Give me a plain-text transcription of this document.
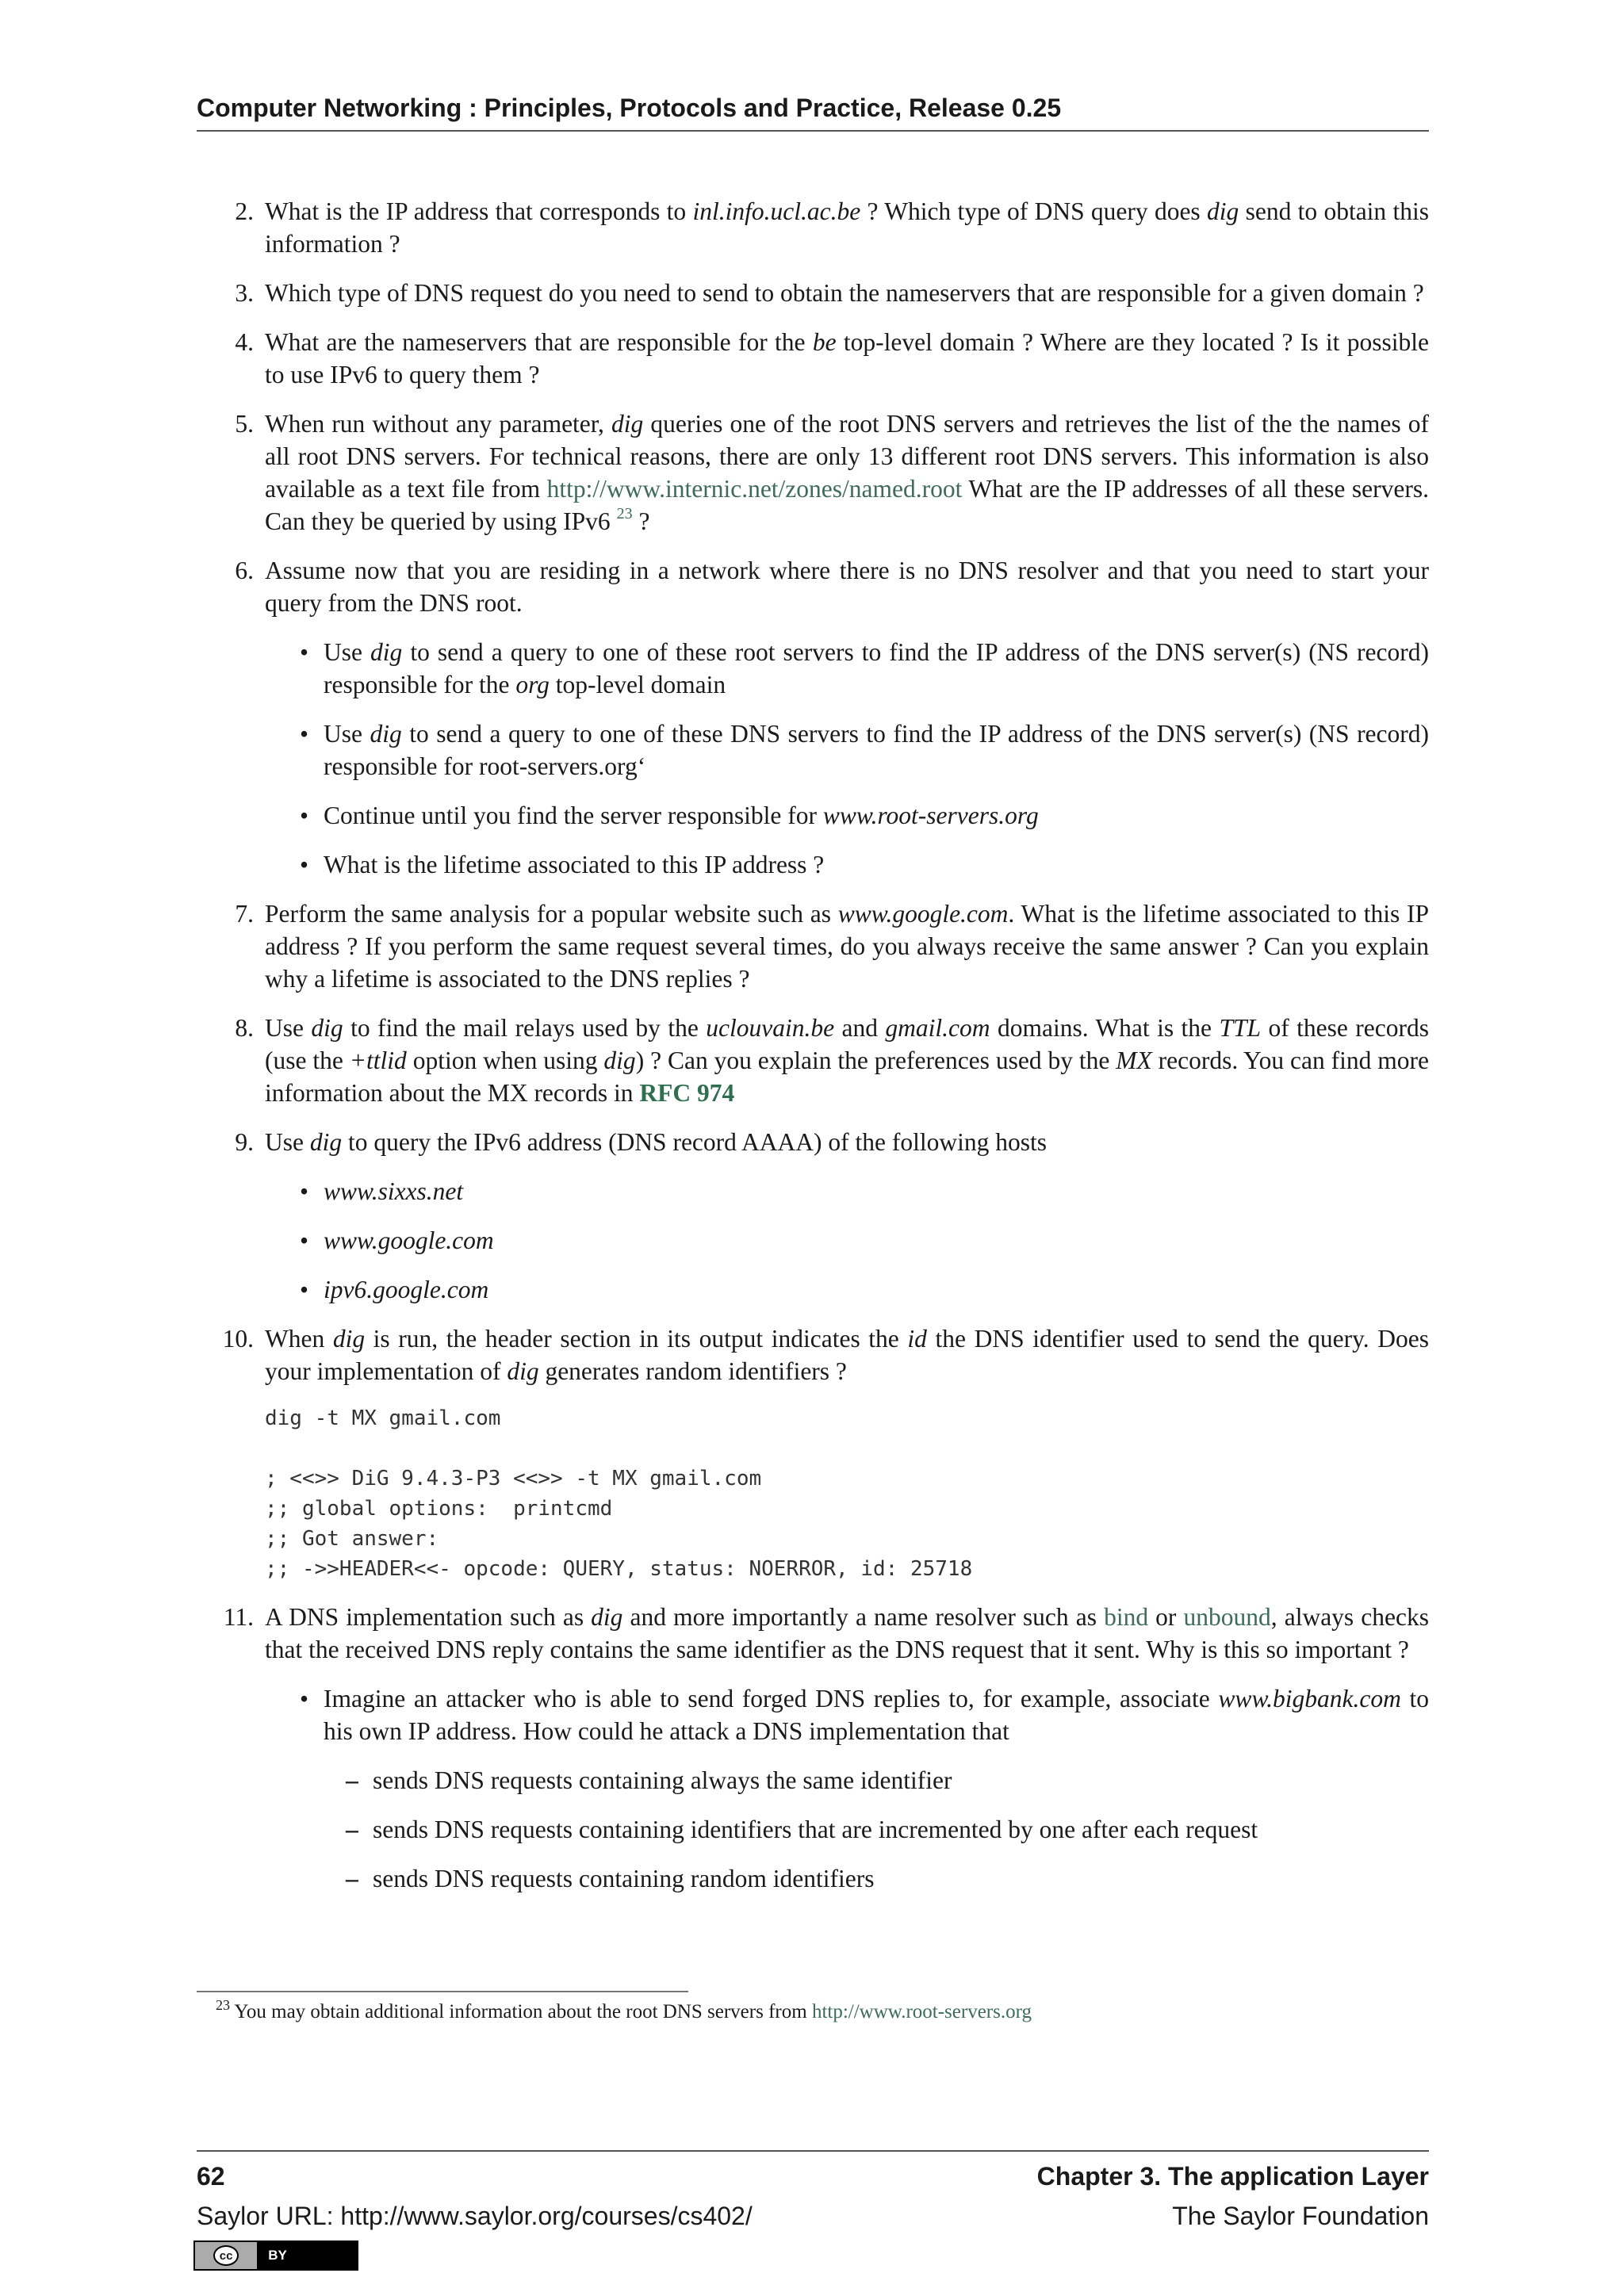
Computer Networking : Principles, Protocols and Practice, Release 0.25
2. What is the IP address that corresponds to inl.info.ucl.ac.be ? Which type of DNS query does dig send to obtain this information ?

3. Which type of DNS request do you need to send to obtain the nameservers that are responsible for a given domain ?

4. What are the nameservers that are responsible for the be top-level domain ? Where are they located ? Is it possible to use IPv6 to query them ?

5. When run without any parameter, dig queries one of the root DNS servers and retrieves the list of the the names of all root DNS servers. For technical reasons, there are only 13 different root DNS servers. This information is also available as a text file from http://www.internic.net/zones/named.root What are the IP addresses of all these servers. Can they be queried by using IPv6 $^{23}$ ?

6. Assume now that you are residing in a network where there is no DNS resolver and that you need to start your query from the DNS root.

• Use dig to send a query to one of these root servers to find the IP address of the DNS server(s) (NS record) responsible for the org top-level domain
• Use dig to send a query to one of these DNS servers to find the IP address of the DNS server(s) (NS record) responsible for root-servers.org‘
• Continue until you find the server responsible for www.root-servers.org
• What is the lifetime associated to this IP address ?
7. Perform the same analysis for a popular website such as www.google.com. What is the lifetime associated to this IP address ? If you perform the same request several times, do you always receive the same answer ? Can you explain why a lifetime is associated to the DNS replies ?

8. Use dig to find the mail relays used by the uclouvain.be and gmail.com domains. What is the TTL of these records (use the +ttlid option when using dig) ? Can you explain the preferences used by the MX records. You can find more information about the MX records in RFC 974

9. Use dig to query the IPv6 address (DNS record AAAA) of the following hosts

• www.sixxs.net
• www.google.com
• ipv6.google.com
10. When dig is run, the header section in its output indicates the id the DNS identifier used to send the query. Does your implementation of dig generates random identifiers ?

dig -t MX gmail.com
; <<>> DiG 9.4.3-P3 <<>> -t MX gmail.com
;; global options:  printcmd
;; Got answer:
;; ->>HEADER<<- opcode: QUERY, status: NOERROR, id: 25718
11. A DNS implementation such as dig and more importantly a name resolver such as bind or unbound, always checks that the received DNS reply contains the same identifier as the DNS request that it sent. Why is this so important ?

• Imagine an attacker who is able to send forged DNS replies to, for example, associate www.bigbank.com to his own IP address. How could he attack a DNS implementation that
– sends DNS requests containing always the same identifier
– sends DNS requests containing identifiers that are incremented by one after each request
– sends DNS requests containing random identifiers
$^{23}$ You may obtain additional information about the root DNS servers from http://www.root-servers.org
62
Saylor URL: http://www.saylor.org/courses/cs402/
Chapter 3. The application Layer
The Saylor Foundation
cc	BY
